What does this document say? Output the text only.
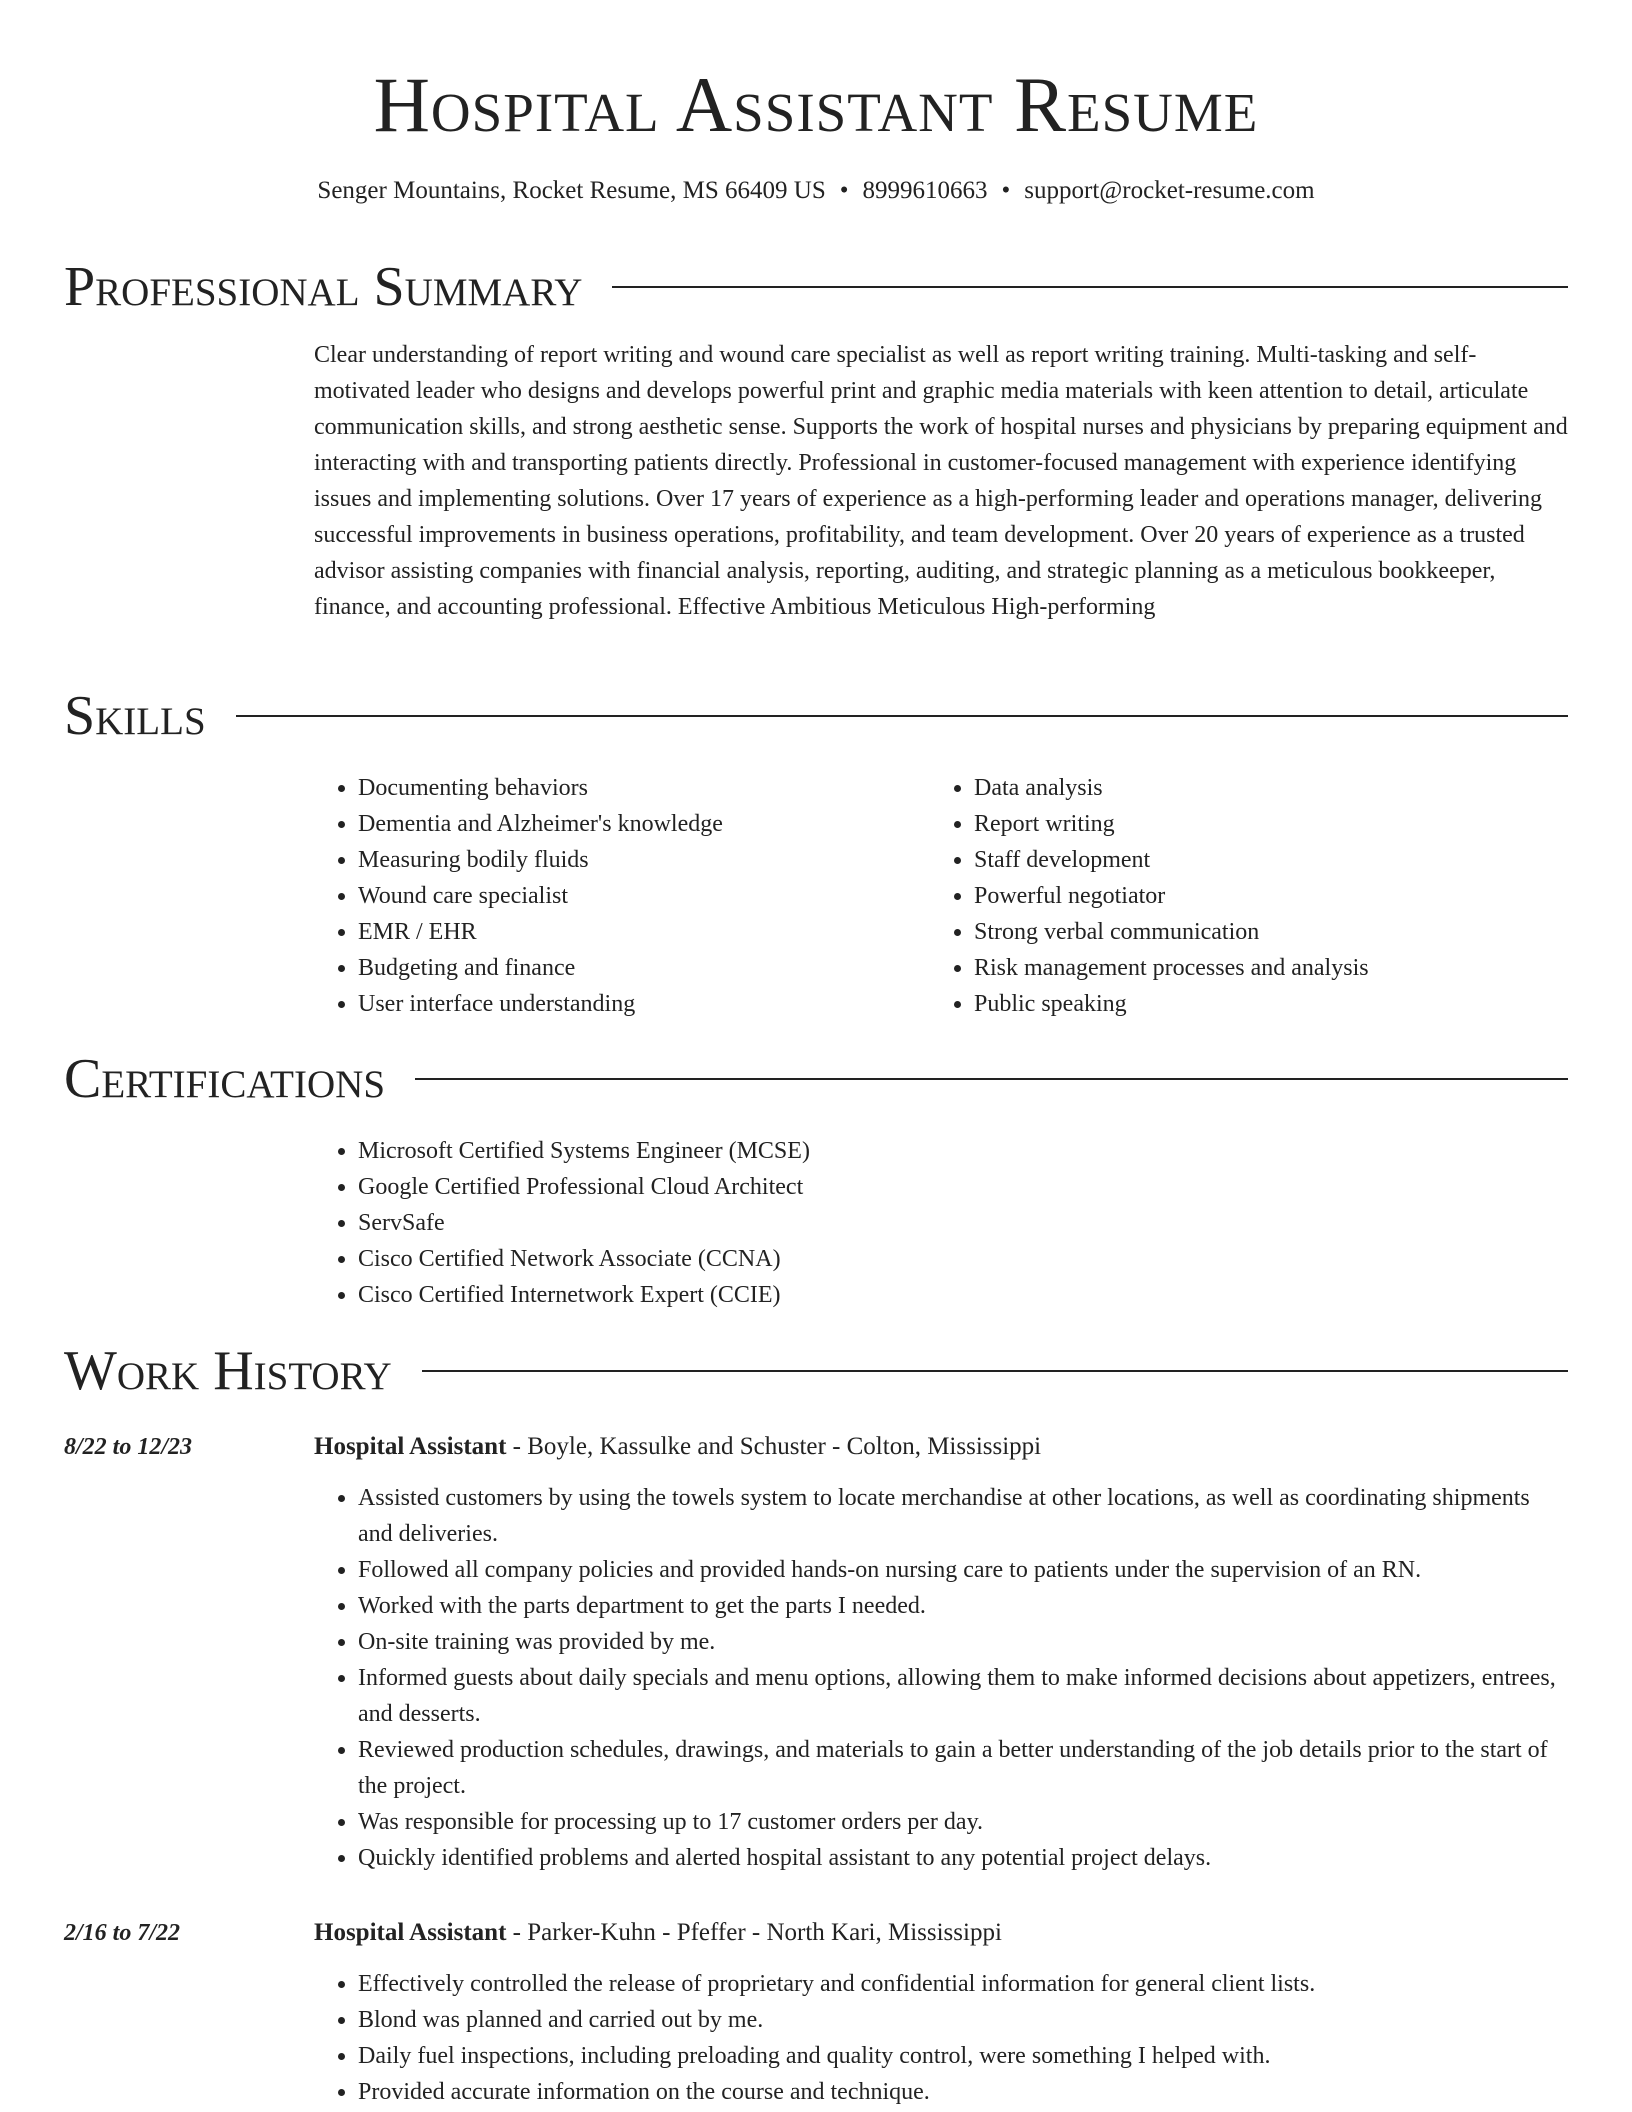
Hospital Assistant Resume
Senger Mountains, Rocket Resume, MS 66409 US • 8999610663 • support@rocket-resume.com
Professional Summary

Clear understanding of report writing and wound care specialist as well as report writing training. Multi-tasking and self-motivated leader who designs and develops powerful print and graphic media materials with keen attention to detail, articulate communication skills, and strong aesthetic sense. Supports the work of hospital nurses and physicians by preparing equipment and interacting with and transporting patients directly. Professional in customer-focused management with experience identifying issues and implementing solutions. Over 17 years of experience as a high-performing leader and operations manager, delivering successful improvements in business operations, profitability, and team development. Over 20 years of experience as a trusted advisor assisting companies with financial analysis, reporting, auditing, and strategic planning as a meticulous bookkeeper, finance, and accounting professional. Effective Ambitious Meticulous High-performing

Skills
• Documenting behaviors
• Dementia and Alzheimer's knowledge
• Measuring bodily fluids
• Wound care specialist
• EMR / EHR
• Budgeting and finance
• User interface understanding
• Data analysis
• Report writing
• Staff development
• Powerful negotiator
• Strong verbal communication
• Risk management processes and analysis
• Public speaking
Certifications
• Microsoft Certified Systems Engineer (MCSE)
• Google Certified Professional Cloud Architect
• ServSafe
• Cisco Certified Network Associate (CCNA)
• Cisco Certified Internetwork Expert (CCIE)
Work History
8/22 to 12/23	Hospital Assistant - Boyle, Kassulke and Schuster - Colton, Mississippi
• Assisted customers by using the towels system to locate merchandise at other locations, as well as coordinating shipments and deliveries.
• Followed all company policies and provided hands-on nursing care to patients under the supervision of an RN.
• Worked with the parts department to get the parts I needed.
• On-site training was provided by me.
• Informed guests about daily specials and menu options, allowing them to make informed decisions about appetizers, entrees, and desserts.
• Reviewed production schedules, drawings, and materials to gain a better understanding of the job details prior to the start of the project.
• Was responsible for processing up to 17 customer orders per day.
• Quickly identified problems and alerted hospital assistant to any potential project delays.
2/16 to 7/22	Hospital Assistant - Parker-Kuhn - Pfeffer - North Kari, Mississippi
• Effectively controlled the release of proprietary and confidential information for general client lists.
• Blond was planned and carried out by me.
• Daily fuel inspections, including preloading and quality control, were something I helped with.
• Provided accurate information on the course and technique.
